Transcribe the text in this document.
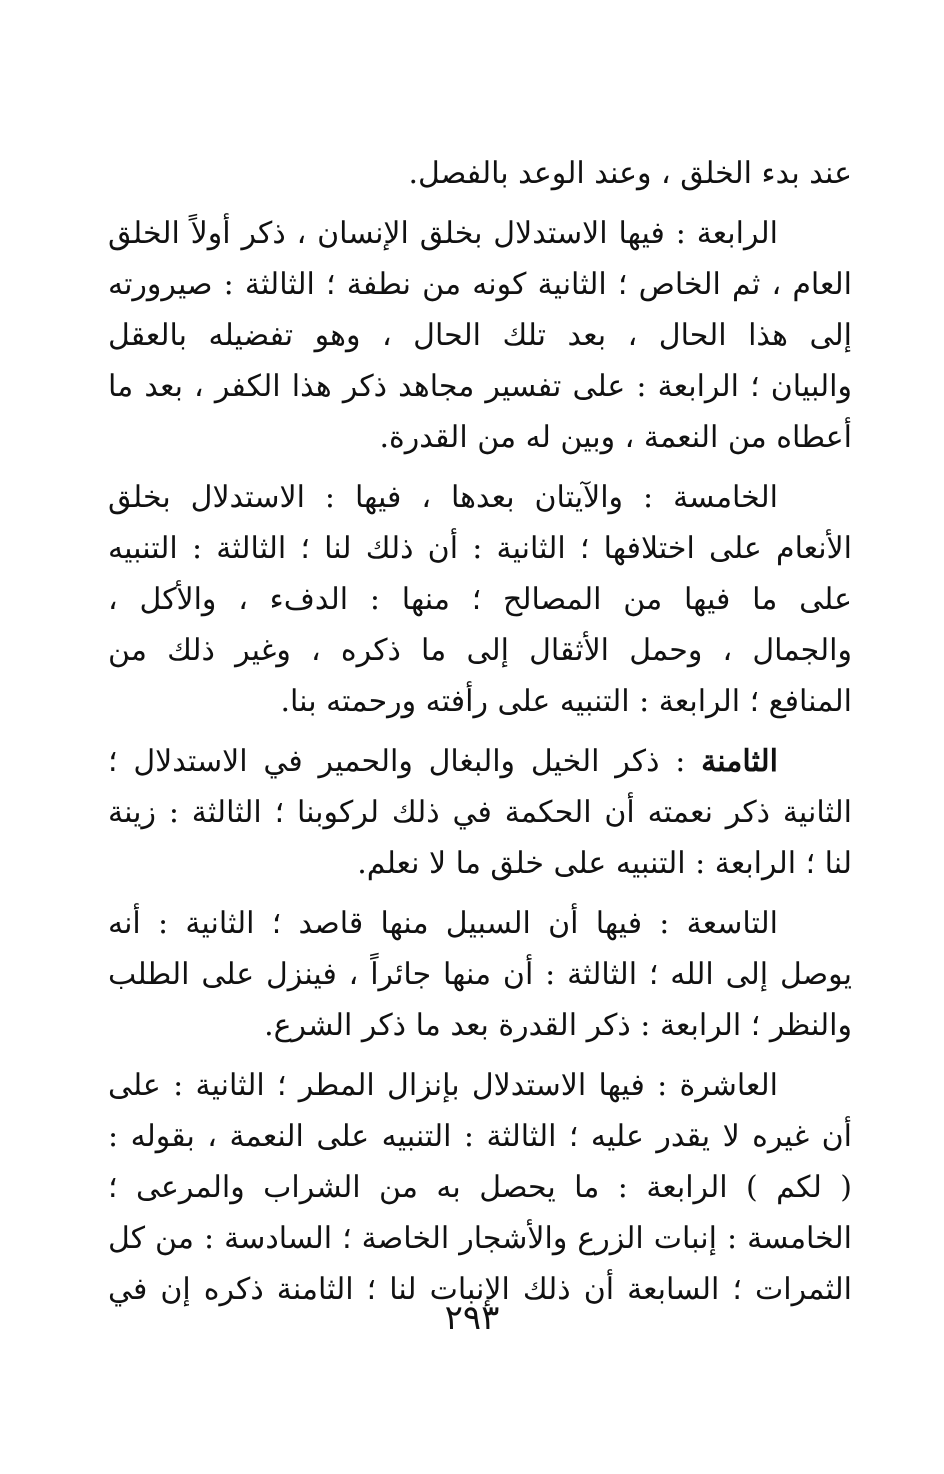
عند بدء الخلق ، وعند الوعد بالفصل.
الرابعة : فيها الاستدلال بخلق الإنسان ، ذكر أولاً الخلق
العام ، ثم الخاص ؛ الثانية كونه من نطفة ؛ الثالثة : صيرورته
إلى هذا الحال ، بعد تلك الحال ، وهو تفضيله بالعقل
والبيان ؛ الرابعة : على تفسير مجاهد ذكر هذا الكفر ، بعد ما
أعطاه من النعمة ، وبين له من القدرة.
الخامسة : والآيتان بعدها ، فيها : الاستدلال بخلق
الأنعام على اختلافها ؛ الثانية : أن ذلك لنا ؛ الثالثة : التنبيه
على ما فيها من المصالح ؛ منها : الدفء ، والأكل ،
والجمال ، وحمل الأثقال إلى ما ذكره ، وغير ذلك من
المنافع ؛ الرابعة : التنبيه على رأفته ورحمته بنا.
الثامنة : ذكر الخيل والبغال والحمير في الاستدلال ؛
الثانية ذكر نعمته أن الحكمة في ذلك لركوبنا ؛ الثالثة : زينة
لنا ؛ الرابعة : التنبيه على خلق ما لا نعلم.
التاسعة : فيها أن السبيل منها قاصد ؛ الثانية : أنه
يوصل إلى الله ؛ الثالثة : أن منها جائراً ، فينزل على الطلب
والنظر ؛ الرابعة : ذكر القدرة بعد ما ذكر الشرع.
العاشرة : فيها الاستدلال بإنزال المطر ؛ الثانية : على
أن غيره لا يقدر عليه ؛ الثالثة : التنبيه على النعمة ، بقوله :
( لكم ) الرابعة : ما يحصل به من الشراب والمرعى ؛
الخامسة : إنبات الزرع والأشجار الخاصة ؛ السادسة : من كل
الثمرات ؛ السابعة أن ذلك الإنبات لنا ؛ الثامنة ذكره إن في
٢٩٣
